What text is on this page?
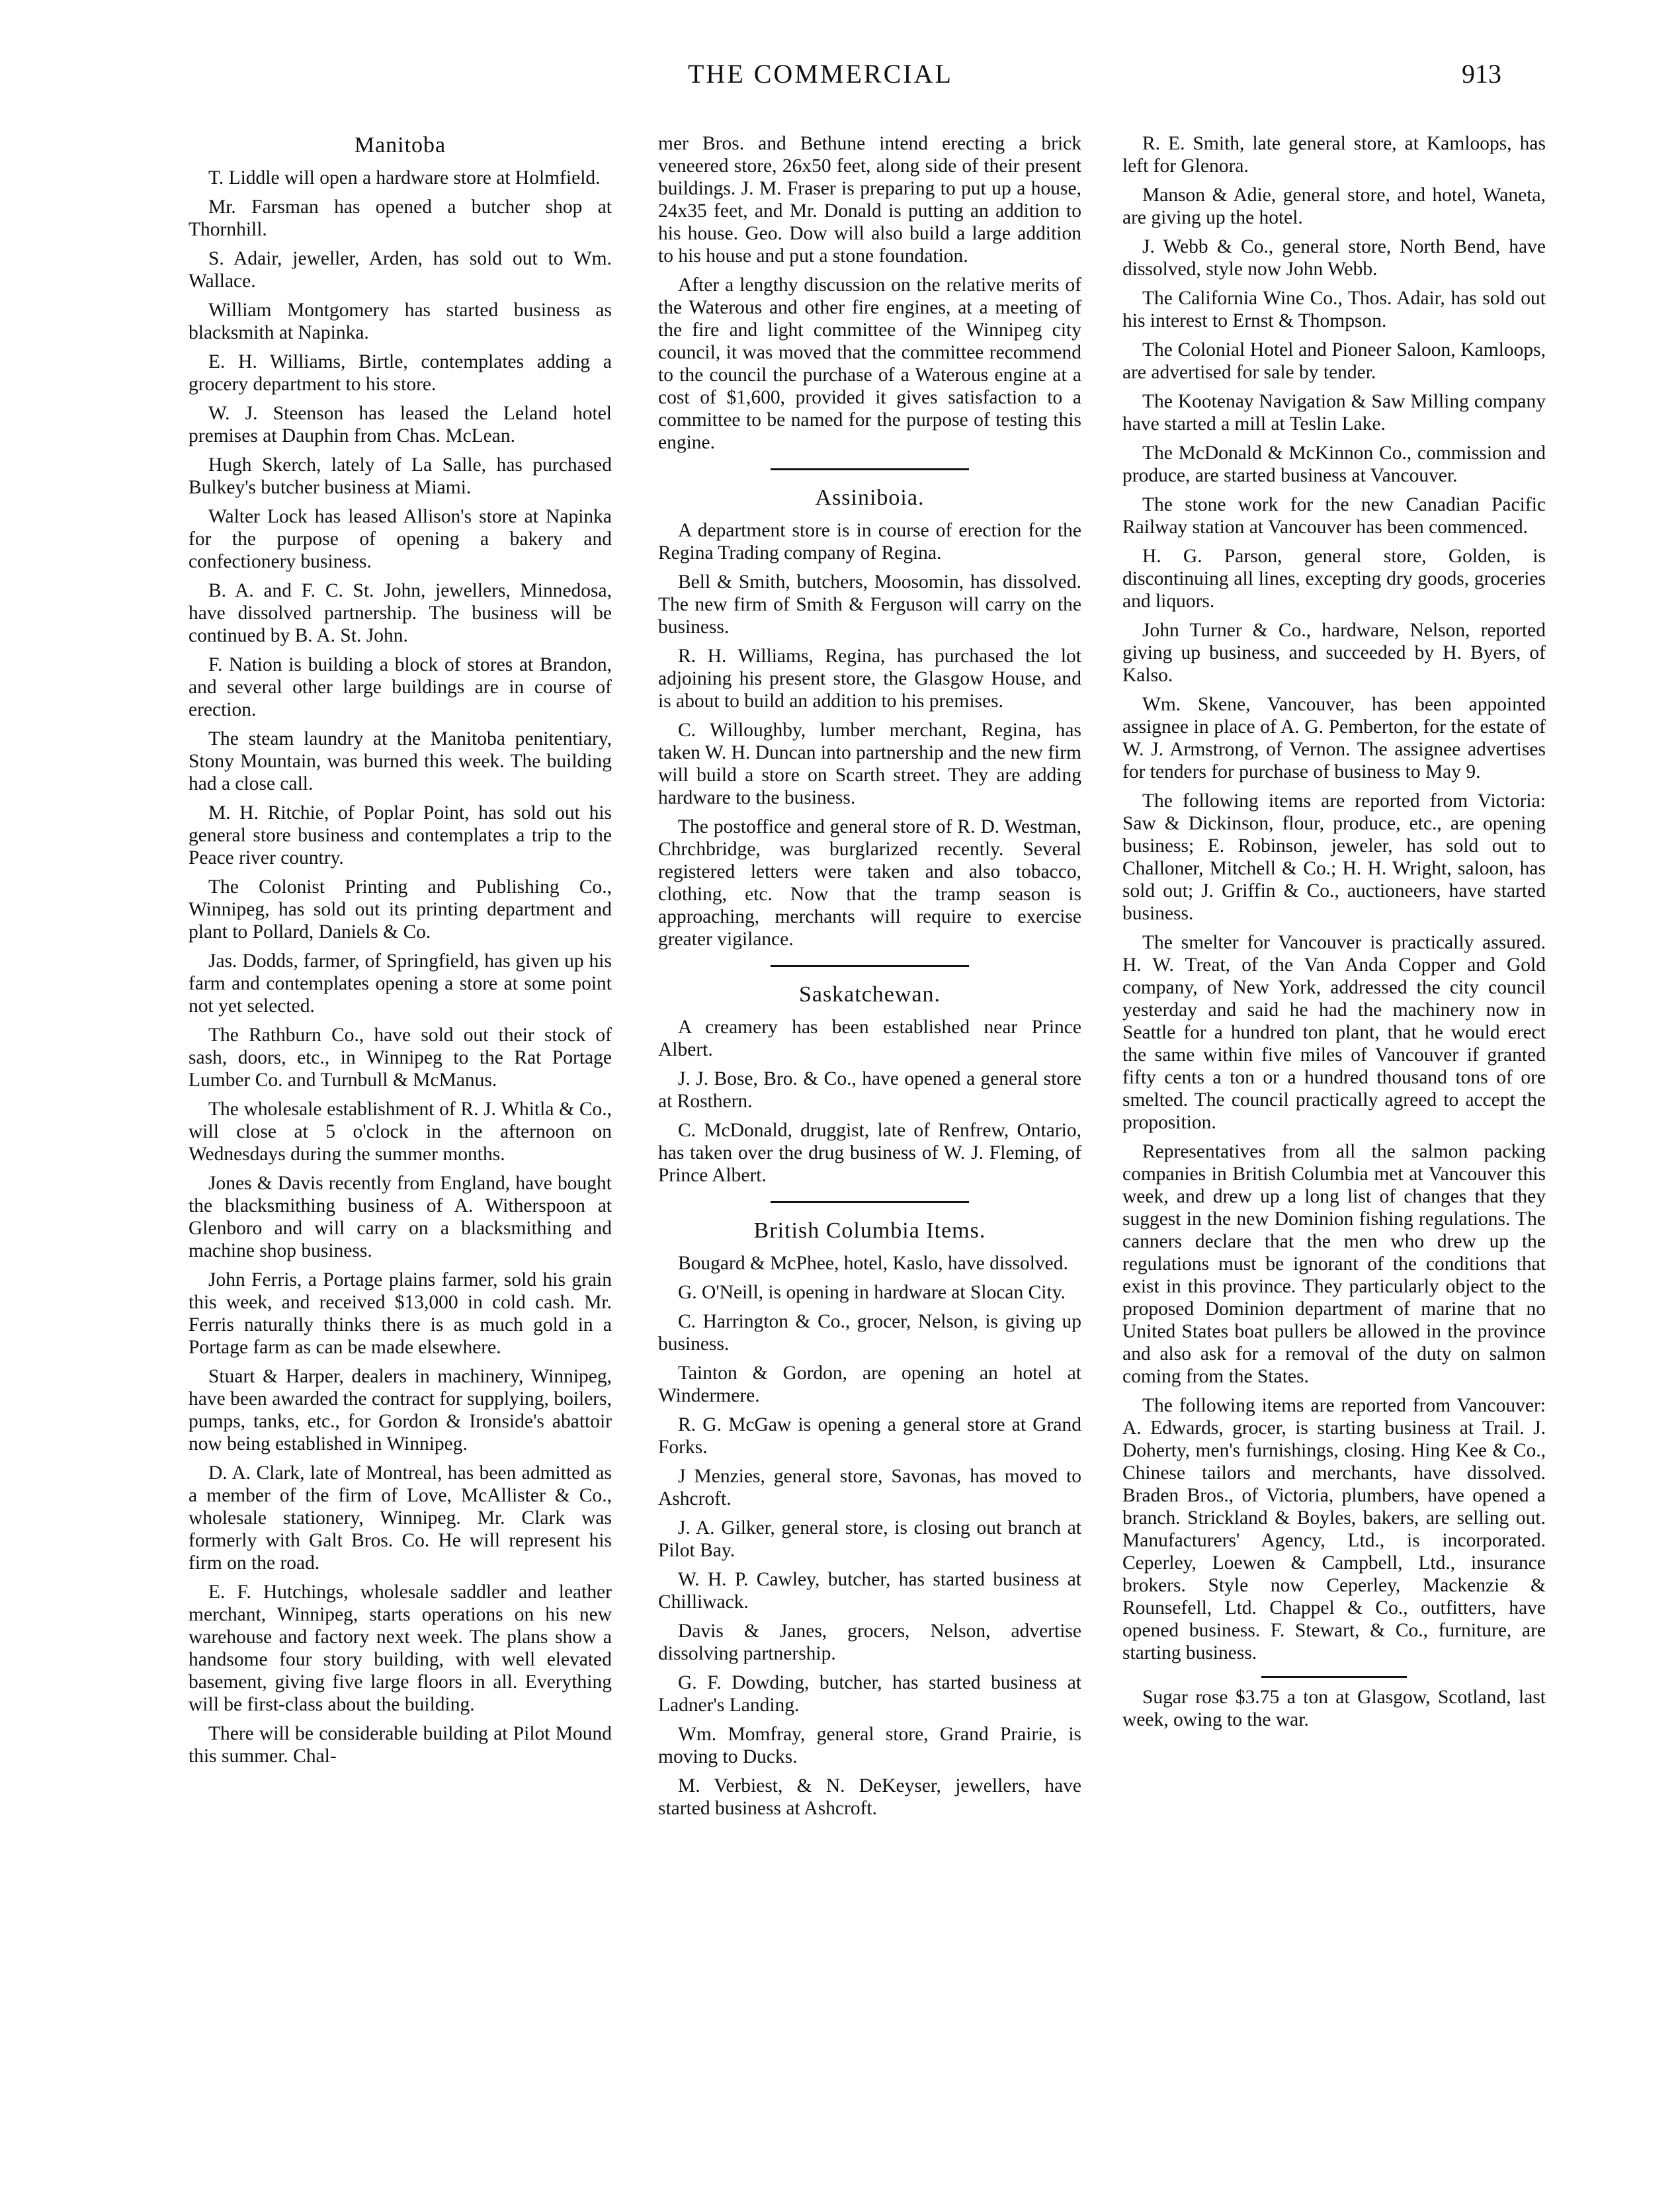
THE COMMERCIAL	913
Manitoba

T. Liddle will open a hardware store at Holmfield.

Mr. Farsman has opened a butcher shop at Thornhill.

S. Adair, jeweller, Arden, has sold out to Wm. Wallace.

William Montgomery has started business as blacksmith at Napinka.

E. H. Williams, Birtle, contemplates adding a grocery department to his store.

W. J. Steenson has leased the Leland hotel premises at Dauphin from Chas. McLean.

Hugh Skerch, lately of La Salle, has purchased Bulkey's butcher business at Miami.

Walter Lock has leased Allison's store at Napinka for the purpose of opening a bakery and confectionery business.

B. A. and F. C. St. John, jewellers, Minnedosa, have dissolved partnership. The business will be continued by B. A. St. John.

F. Nation is building a block of stores at Brandon, and several other large buildings are in course of erection.

The steam laundry at the Manitoba penitentiary, Stony Mountain, was burned this week. The building had a close call.

M. H. Ritchie, of Poplar Point, has sold out his general store business and contemplates a trip to the Peace river country.

The Colonist Printing and Publishing Co., Winnipeg, has sold out its printing department and plant to Pollard, Daniels & Co.

Jas. Dodds, farmer, of Springfield, has given up his farm and contemplates opening a store at some point not yet selected.

The Rathburn Co., have sold out their stock of sash, doors, etc., in Winnipeg to the Rat Portage Lumber Co. and Turnbull & McManus.

The wholesale establishment of R. J. Whitla & Co., will close at 5 o'clock in the afternoon on Wednesdays during the summer months.

Jones & Davis recently from England, have bought the blacksmithing business of A. Witherspoon at Glenboro and will carry on a blacksmithing and machine shop business.

John Ferris, a Portage plains farmer, sold his grain this week, and received $13,000 in cold cash. Mr. Ferris naturally thinks there is as much gold in a Portage farm as can be made elsewhere.

Stuart & Harper, dealers in machinery, Winnipeg, have been awarded the contract for supplying, boilers, pumps, tanks, etc., for Gordon & Ironside's abattoir now being established in Winnipeg.

D. A. Clark, late of Montreal, has been admitted as a member of the firm of Love, McAllister & Co., wholesale stationery, Winnipeg. Mr. Clark was formerly with Galt Bros. Co. He will represent his firm on the road.

E. F. Hutchings, wholesale saddler and leather merchant, Winnipeg, starts operations on his new warehouse and factory next week. The plans show a handsome four story building, with well elevated basement, giving five large floors in all. Everything will be first-class about the building.

There will be considerable building at Pilot Mound this summer. Chal-

mer Bros. and Bethune intend erecting a brick veneered store, 26x50 feet, along side of their present buildings. J. M. Fraser is preparing to put up a house, 24x35 feet, and Mr. Donald is putting an addition to his house. Geo. Dow will also build a large addition to his house and put a stone foundation.

After a lengthy discussion on the relative merits of the Waterous and other fire engines, at a meeting of the fire and light committee of the Winnipeg city council, it was moved that the committee recommend to the council the purchase of a Waterous engine at a cost of $1,600, provided it gives satisfaction to a committee to be named for the purpose of testing this engine.

Assiniboia.

A department store is in course of erection for the Regina Trading company of Regina.

Bell & Smith, butchers, Moosomin, has dissolved. The new firm of Smith & Ferguson will carry on the business.

R. H. Williams, Regina, has purchased the lot adjoining his present store, the Glasgow House, and is about to build an addition to his premises.

C. Willoughby, lumber merchant, Regina, has taken W. H. Duncan into partnership and the new firm will build a store on Scarth street. They are adding hardware to the business.

The postoffice and general store of R. D. Westman, Chrchbridge, was burglarized recently. Several registered letters were taken and also tobacco, clothing, etc. Now that the tramp season is approaching, merchants will require to exercise greater vigilance.

Saskatchewan.

A creamery has been established near Prince Albert.

J. J. Bose, Bro. & Co., have opened a general store at Rosthern.

C. McDonald, druggist, late of Renfrew, Ontario, has taken over the drug business of W. J. Fleming, of Prince Albert.

British Columbia Items.

Bougard & McPhee, hotel, Kaslo, have dissolved.

G. O'Neill, is opening in hardware at Slocan City.

C. Harrington & Co., grocer, Nelson, is giving up business.

Tainton & Gordon, are opening an hotel at Windermere.

R. G. McGaw is opening a general store at Grand Forks.

J Menzies, general store, Savonas, has moved to Ashcroft.

J. A. Gilker, general store, is closing out branch at Pilot Bay.

W. H. P. Cawley, butcher, has started business at Chilliwack.

Davis & Janes, grocers, Nelson, advertise dissolving partnership.

G. F. Dowding, butcher, has started business at Ladner's Landing.

Wm. Momfray, general store, Grand Prairie, is moving to Ducks.

M. Verbiest, & N. DeKeyser, jewellers, have started business at Ashcroft.

R. E. Smith, late general store, at Kamloops, has left for Glenora.

Manson & Adie, general store, and hotel, Waneta, are giving up the hotel.

J. Webb & Co., general store, North Bend, have dissolved, style now John Webb.

The California Wine Co., Thos. Adair, has sold out his interest to Ernst & Thompson.

The Colonial Hotel and Pioneer Saloon, Kamloops, are advertised for sale by tender.

The Kootenay Navigation & Saw Milling company have started a mill at Teslin Lake.

The McDonald & McKinnon Co., commission and produce, are started business at Vancouver.

The stone work for the new Canadian Pacific Railway station at Vancouver has been commenced.

H. G. Parson, general store, Golden, is discontinuing all lines, excepting dry goods, groceries and liquors.

John Turner & Co., hardware, Nelson, reported giving up business, and succeeded by H. Byers, of Kalso.

Wm. Skene, Vancouver, has been appointed assignee in place of A. G. Pemberton, for the estate of W. J. Armstrong, of Vernon. The assignee advertises for tenders for purchase of business to May 9.

The following items are reported from Victoria: Saw & Dickinson, flour, produce, etc., are opening business; E. Robinson, jeweler, has sold out to Challoner, Mitchell & Co.; H. H. Wright, saloon, has sold out; J. Griffin & Co., auctioneers, have started business.

The smelter for Vancouver is practically assured. H. W. Treat, of the Van Anda Copper and Gold company, of New York, addressed the city council yesterday and said he had the machinery now in Seattle for a hundred ton plant, that he would erect the same within five miles of Vancouver if granted fifty cents a ton or a hundred thousand tons of ore smelted. The council practically agreed to accept the proposition.

Representatives from all the salmon packing companies in British Columbia met at Vancouver this week, and drew up a long list of changes that they suggest in the new Dominion fishing regulations. The canners declare that the men who drew up the regulations must be ignorant of the conditions that exist in this province. They particularly object to the proposed Dominion department of marine that no United States boat pullers be allowed in the province and also ask for a removal of the duty on salmon coming from the States.

The following items are reported from Vancouver: A. Edwards, grocer, is starting business at Trail. J. Doherty, men's furnishings, closing. Hing Kee & Co., Chinese tailors and merchants, have dissolved. Braden Bros., of Victoria, plumbers, have opened a branch. Strickland & Boyles, bakers, are selling out. Manufacturers' Agency, Ltd., is incorporated. Ceperley, Loewen & Campbell, Ltd., insurance brokers. Style now Ceperley, Mackenzie & Rounsefell, Ltd. Chappel & Co., outfitters, have opened business. F. Stewart, & Co., furniture, are starting business.

Sugar rose $3.75 a ton at Glasgow, Scotland, last week, owing to the war.
